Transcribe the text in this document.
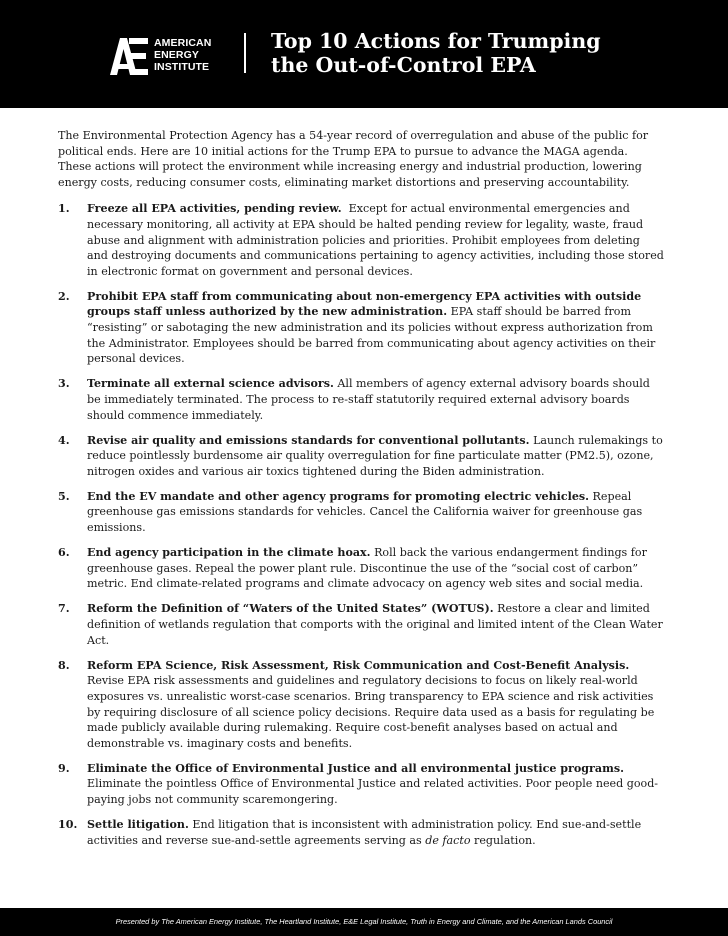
AMERICAN
ENERGY
INSTITUTE
Top 10 Actions for Trumping
the Out-of-Control EPA

The Environmental Protection Agency has a 54-year record of overregulation and abuse of the public for political ends. Here are 10 initial actions for the Trump EPA to pursue to advance the MAGA agenda. These actions will protect the environment while increasing energy and industrial production, lowering energy costs, reducing consumer costs, eliminating market distortions and preserving accountability.

1. Freeze all EPA activities, pending review. Except for actual environmental emergencies and necessary monitoring, all activity at EPA should be halted pending review for legality, waste, fraud abuse and alignment with administration policies and priorities. Prohibit employees from deleting and destroying documents and communications pertaining to agency activities, including those stored in electronic format on government and personal devices.
2. Prohibit EPA staff from communicating about non-emergency EPA activities with outside groups staff unless authorized by the new administration. EPA staff should be barred from “resisting” or sabotaging the new administration and its policies without express authorization from the Administrator. Employees should be barred from communicating about agency activities on their personal devices.
3. Terminate all external science advisors. All members of agency external advisory boards should be immediately terminated. The process to re-staff statutorily required external advisory boards should commence immediately.
4. Revise air quality and emissions standards for conventional pollutants. Launch rulemakings to reduce pointlessly burdensome air quality overregulation for fine particulate matter (PM2.5), ozone, nitrogen oxides and various air toxics tightened during the Biden administration.
5. End the EV mandate and other agency programs for promoting electric vehicles. Repeal greenhouse gas emissions standards for vehicles. Cancel the California waiver for greenhouse gas emissions.
6. End agency participation in the climate hoax. Roll back the various endangerment findings for greenhouse gases. Repeal the power plant rule. Discontinue the use of the “social cost of carbon” metric. End climate-related programs and climate advocacy on agency web sites and social media.
7. Reform the Definition of “Waters of the United States” (WOTUS). Restore a clear and limited definition of wetlands regulation that comports with the original and limited intent of the Clean Water Act.
8. Reform EPA Science, Risk Assessment, Risk Communication and Cost-Benefit Analysis. Revise EPA risk assessments and guidelines and regulatory decisions to focus on likely real-world exposures vs. unrealistic worst-case scenarios. Bring transparency to EPA science and risk activities by requiring disclosure of all science policy decisions. Require data used as a basis for regulating be made publicly available during rulemaking. Require cost-benefit analyses based on actual and demonstrable vs. imaginary costs and benefits.
9. Eliminate the Office of Environmental Justice and all environmental justice programs. Eliminate the pointless Office of Environmental Justice and related activities. Poor people need good-paying jobs not community scaremongering.
10. Settle litigation. End litigation that is inconsistent with administration policy. End sue-and-settle activities and reverse sue-and-settle agreements serving as de facto regulation.
Presented by The American Energy Institute, The Heartland Institute, E&E Legal Institute, Truth in Energy and Climate, and the American Lands Council
